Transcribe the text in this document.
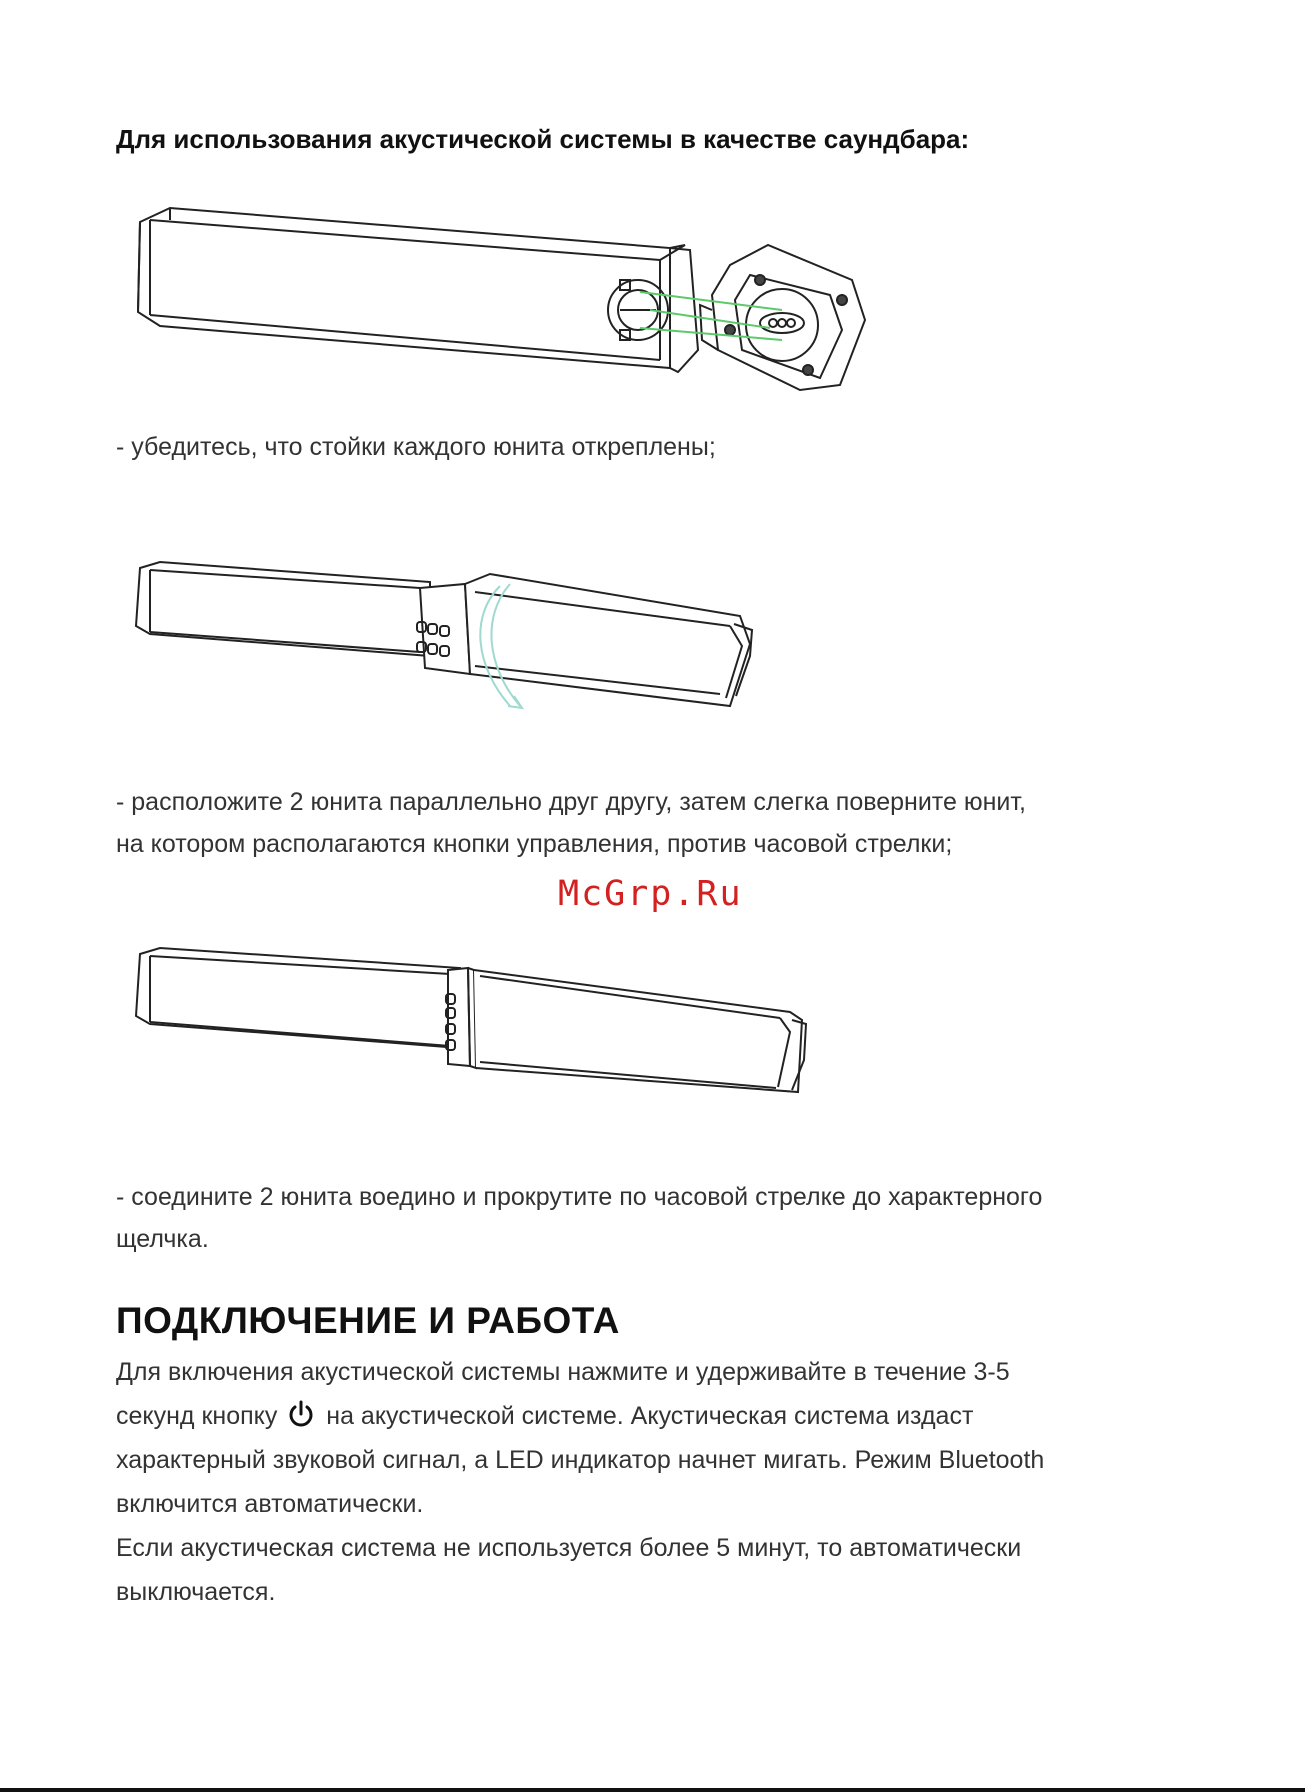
Для использования акустической системы в качестве саундбара:
- убедитесь, что стойки каждого юнита откреплены;
- расположите 2 юнита параллельно друг другу, затем слегка поверните юнит,
на котором располагаются кнопки управления, против часовой стрелки;
McGrp.Ru
- соедините 2 юнита воедино и прокрутите по часовой стрелке до характерного
щелчка.
ПОДКЛЮЧЕНИЕ И РАБОТА
Для включения акустической системы нажмите и удерживайте в течение 3-5
секунд кнопку на акустической системе. Акустическая система издаст
характерный звуковой сигнал, а LED индикатор начнет мигать. Режим Bluetooth
включится автоматически.
Если акустическая система не используется более 5 минут, то автоматически
выключается.
